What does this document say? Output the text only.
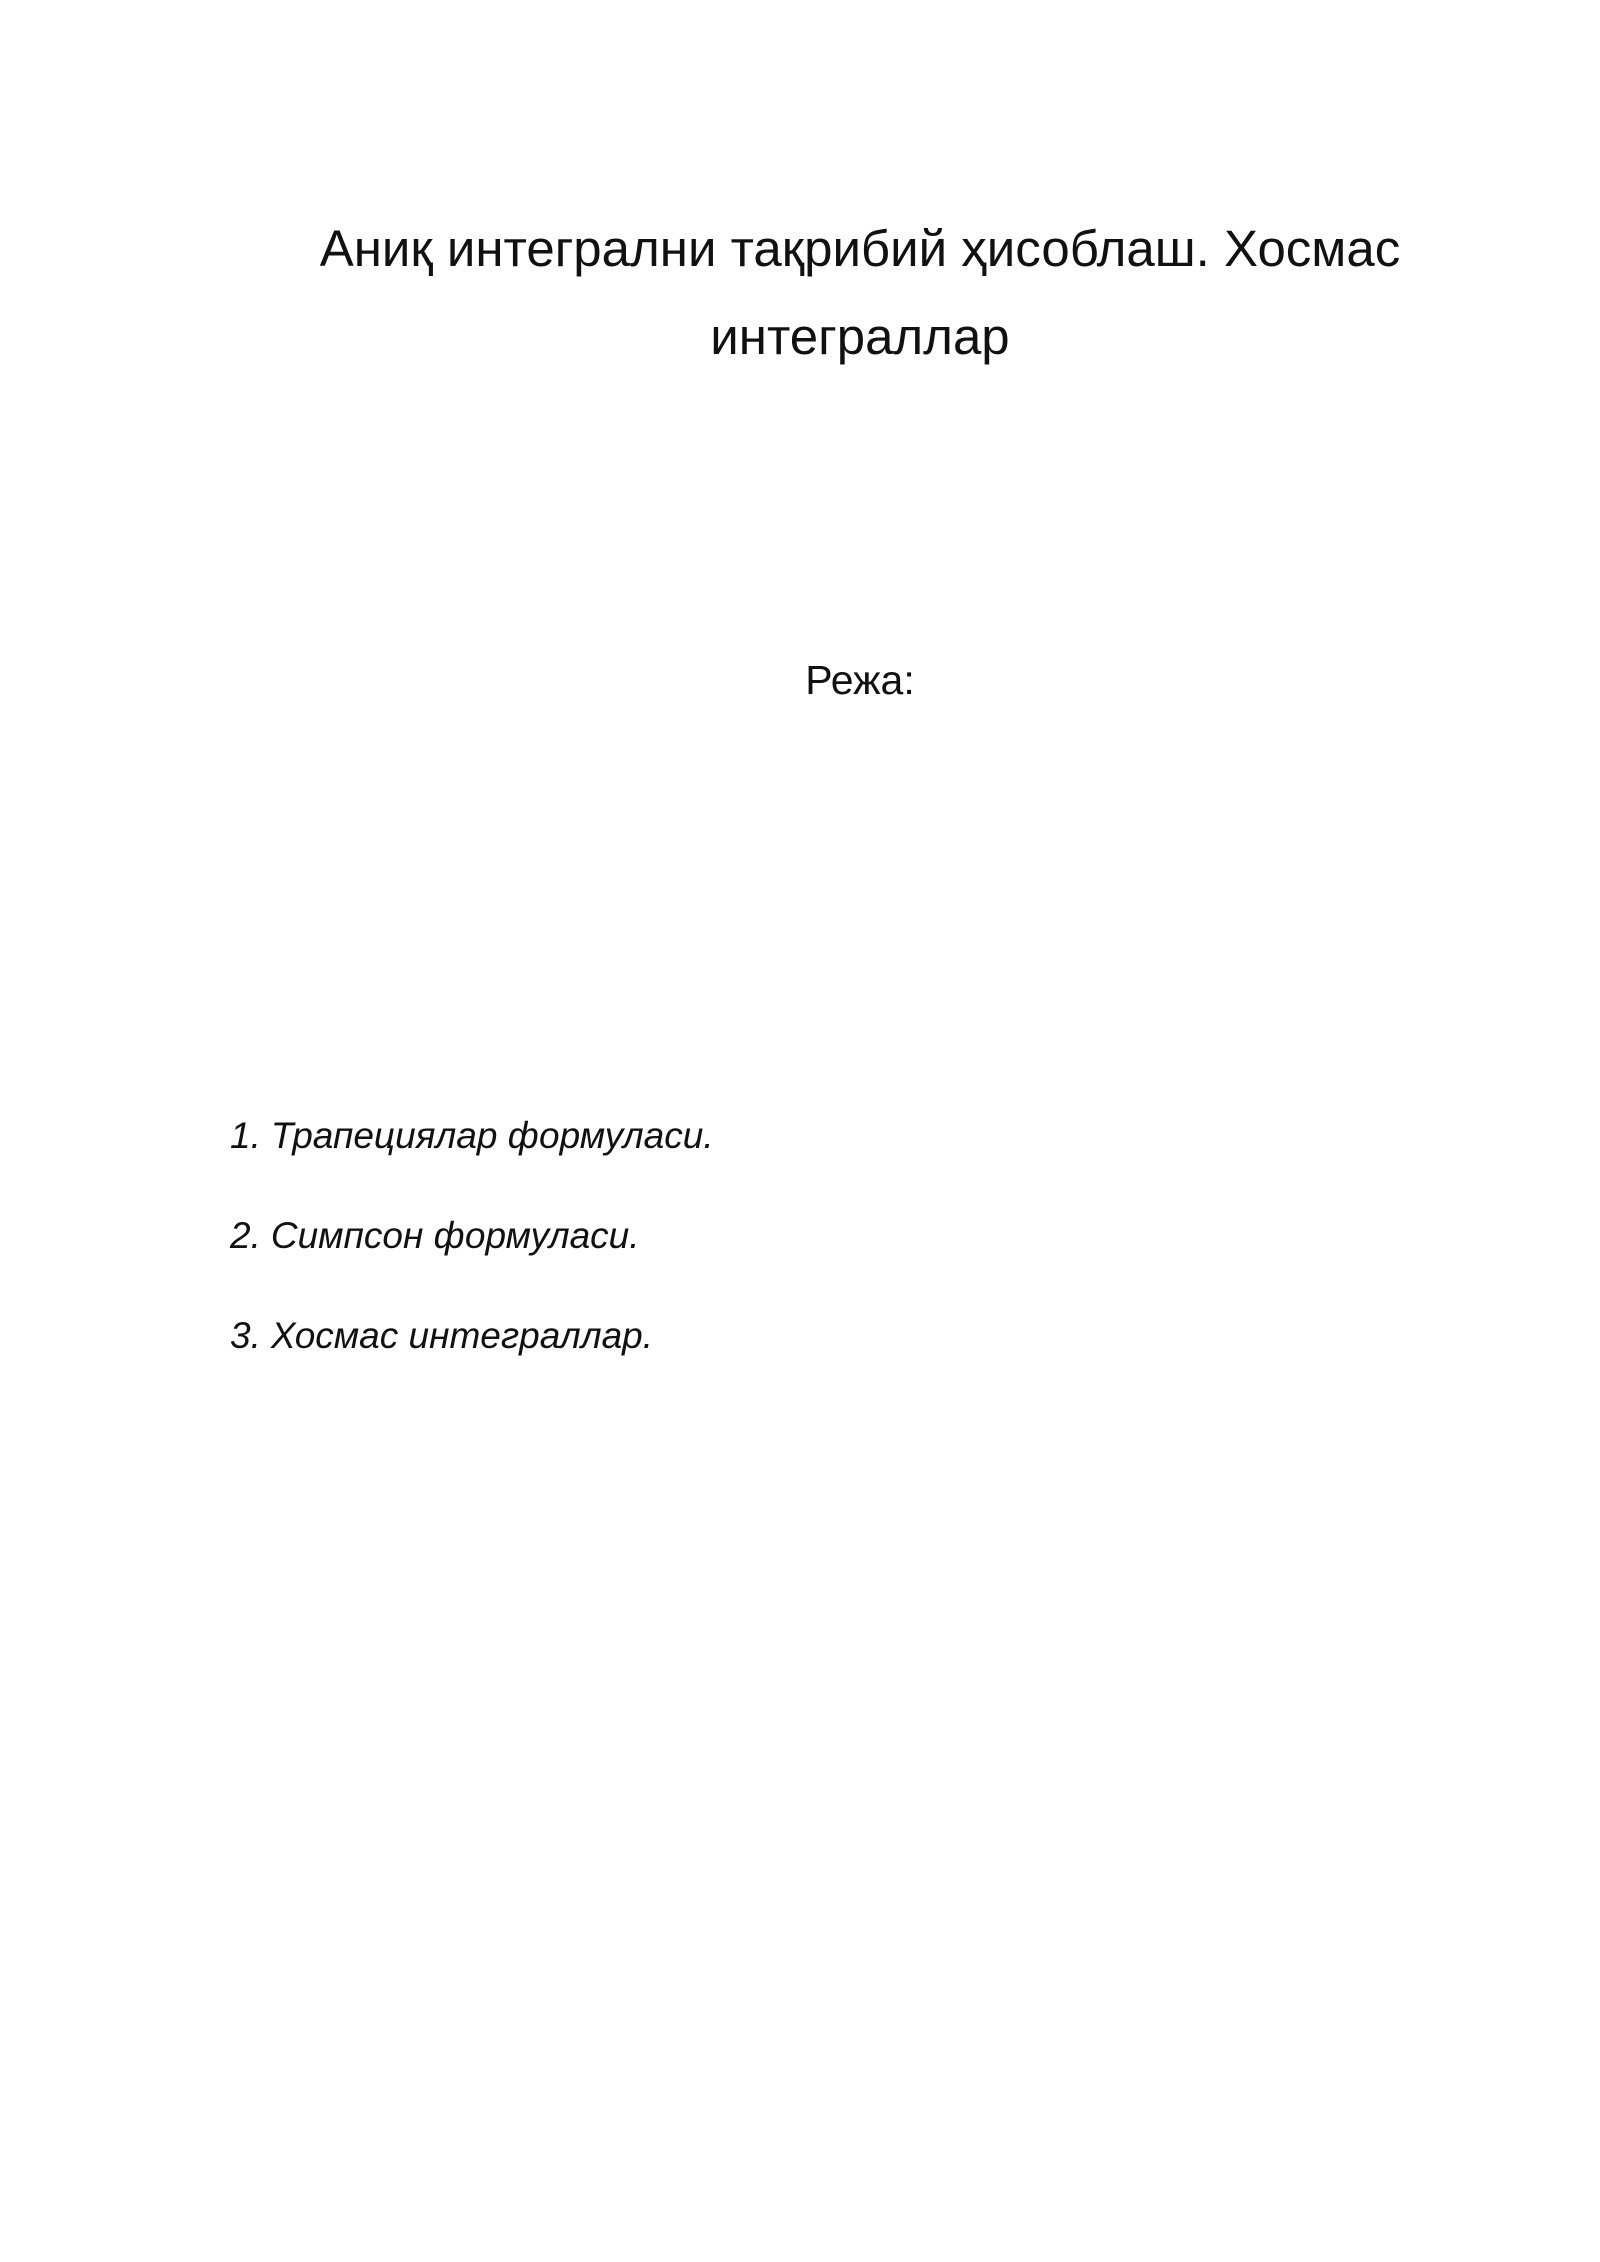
Аниқ интегрални тақрибий ҳисоблаш. Хосмас
интеграллар
Режа:
1. Трапециялар формуласи.
2. Симпсон формуласи.
3. Хосмас интеграллар.
